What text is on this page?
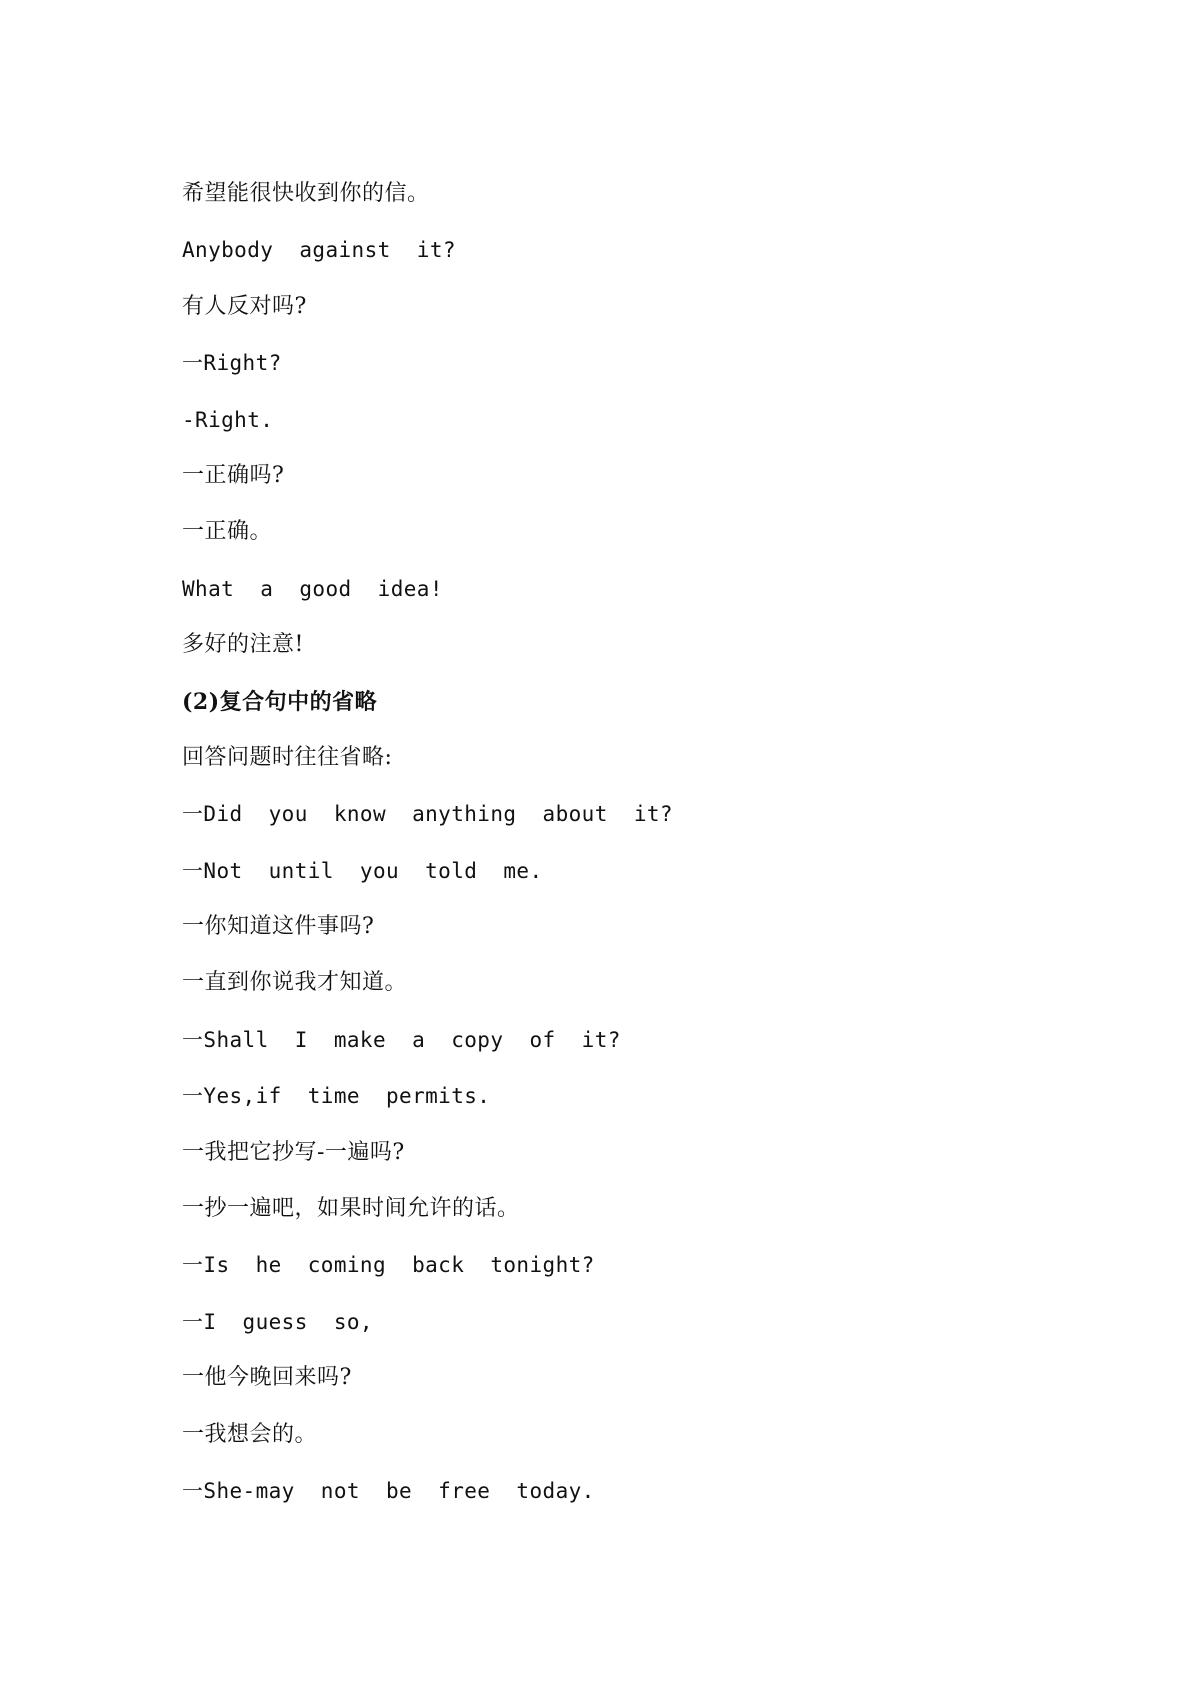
希望能很快收到你的信。
Anybody  against  it?
有人反对吗?
一Right?
-Right.
一正确吗?
一正确。
What  a  good  idea!
多好的注意!
(2)复合句中的省略
回答问题时往往省略:
一Did  you  know  anything  about  it?
一Not  until  you  told  me.
一你知道这件事吗?
一直到你说我才知道。
一Shall  I  make  a  copy  of  it?
一Yes,if  time  permits.
一我把它抄写-一遍吗?
一抄一遍吧，如果时间允许的话。
一Is  he  coming  back  tonight?
一I  guess  so,
一他今晚回来吗?
一我想会的。
一She-may  not  be  free  today.
